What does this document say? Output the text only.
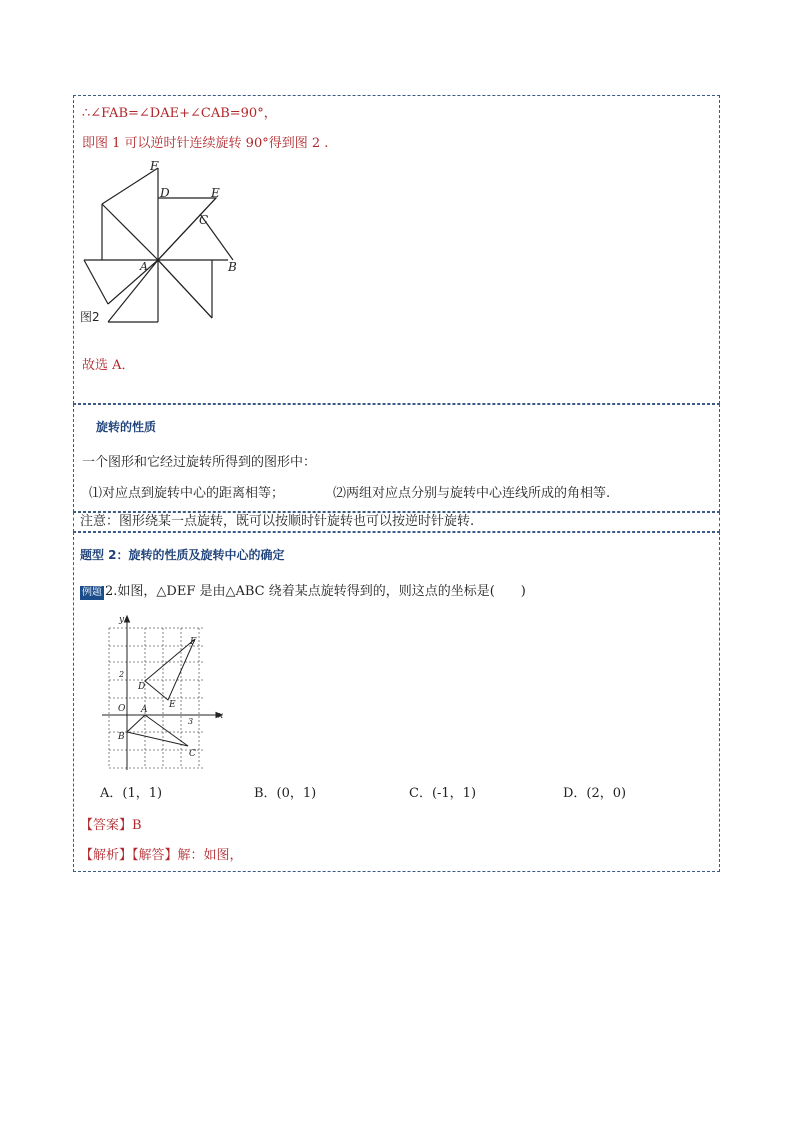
∴∠FAB=∠DAE+∠CAB=90°，
即图 1 可以逆时针连续旋转 90°得到图 2 .
F
D	E
C
A	B
图2
故选 A．
旋转的性质
一个图形和它经过旋转所得到的图形中：
⑴对应点到旋转中心的距离相等；	⑵两组对应点分别与旋转中心连线所成的角相等.
注意：图形绕某一点旋转，既可以按顺时针旋转也可以按逆时针旋转.
题型 2：旋转的性质及旋转中心的确定
例题 2.如图，△DEF 是由△ABC 绕着某点旋转得到的，则这点的坐标是(　　)
y
x
O
2
3
F
D
E
A
B
C
A．(1，1)	B．(0，1)	C．(-1，1)	D．(2，0)
【答案】B
【解析】【解答】解：如图，
